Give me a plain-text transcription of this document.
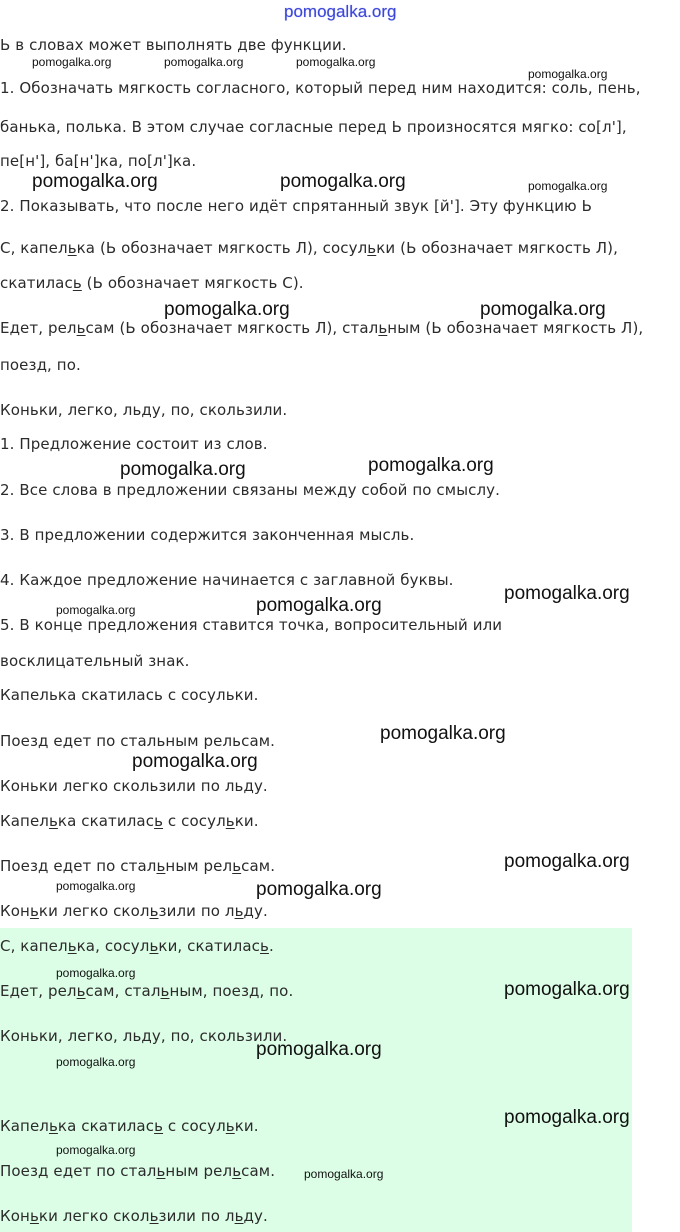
pomogalka.org
Ь в словах может выполнять две функции.
1. Обозначать мягкость согласного, который перед ним находится: соль, пень,
банька, полька. В этом случае согласные перед Ь произносятся мягко: со[л'],
пе[н'], ба[н']ка, по[л']ка.
2. Показывать, что после него идёт спрятанный звук [й']. Эту функцию Ь
С, капелька (Ь обозначает мягкость Л), сосульки (Ь обозначает мягкость Л),
скатилась (Ь обозначает мягкость С).
Едет, рельсам (Ь обозначает мягкость Л), стальным (Ь обозначает мягкость Л),
поезд, по.
Коньки, легко, льду, по, скользили.
1. Предложение состоит из слов.
2. Все слова в предложении связаны между собой по смыслу.
3. В предложении содержится законченная мысль.
4. Каждое предложение начинается с заглавной буквы.
5. В конце предложения ставится точка, вопросительный или
восклицательный знак.
Капелька скатилась с сосульки.
Поезд едет по стальным рельсам.
Коньки легко скользили по льду.
Капелька скатилась с сосульки.
Поезд едет по стальным рельсам.
Коньки легко скользили по льду.
С, капелька, сосульки, скатилась.
Едет, рельсам, стальным, поезд, по.
Коньки, легко, льду, по, скользили.
Капелька скатилась с сосульки.
Поезд едет по стальным рельсам.
Коньки легко скользили по льду.
pomogalka.org	pomogalka.org	pomogalka.org
pomogalka.org
pomogalka.org	pomogalka.org	pomogalka.org
pomogalka.org	pomogalka.org
pomogalka.org	pomogalka.org
pomogalka.org	pomogalka.org
pomogalka.org
pomogalka.org
pomogalka.org
pomogalka.org
pomogalka.org	pomogalka.org
pomogalka.org
pomogalka.org
pomogalka.org
pomogalka.org
pomogalka.org
pomogalka.org
pomogalka.org
